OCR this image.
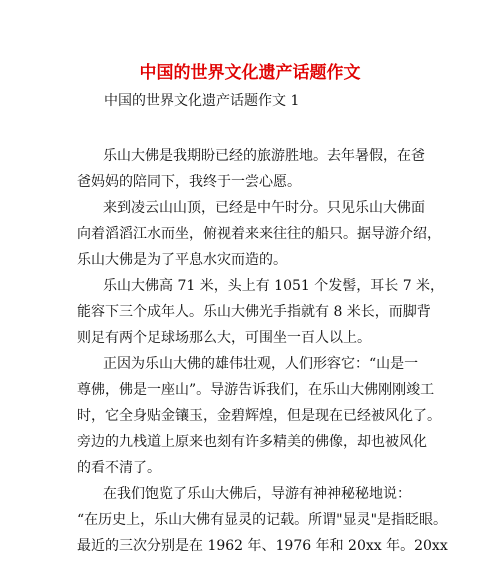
中国的世界文化遗产话题作文
中国的世界文化遗产话题作文 1
乐山大佛是我期盼已经的旅游胜地。去年暑假，在爸
爸妈妈的陪同下，我终于一尝心愿。
来到凌云山山顶，已经是中午时分。只见乐山大佛面
向着滔滔江水而坐，俯视着来来往往的船只。据导游介绍，
乐山大佛是为了平息水灾而造的。
乐山大佛高 71 米，头上有 1051 个发髻，耳长 7 米，
能容下三个成年人。乐山大佛光手指就有 8 米长，而脚背
则足有两个足球场那么大，可围坐一百人以上。
正因为乐山大佛的雄伟壮观，人们形容它：“山是一
尊佛，佛是一座山”。导游告诉我们，在乐山大佛刚刚竣工
时，它全身贴金镶玉，金碧辉煌，但是现在已经被风化了。
旁边的九栈道上原来也刻有许多精美的佛像，却也被风化
的看不清了。
在我们饱览了乐山大佛后，导游有神神秘秘地说：
“在历史上，乐山大佛有显灵的记载。所谓"显灵"是指眨眼。
最近的三次分别是在 1962 年、1976 年和 20xx 年。20xx
